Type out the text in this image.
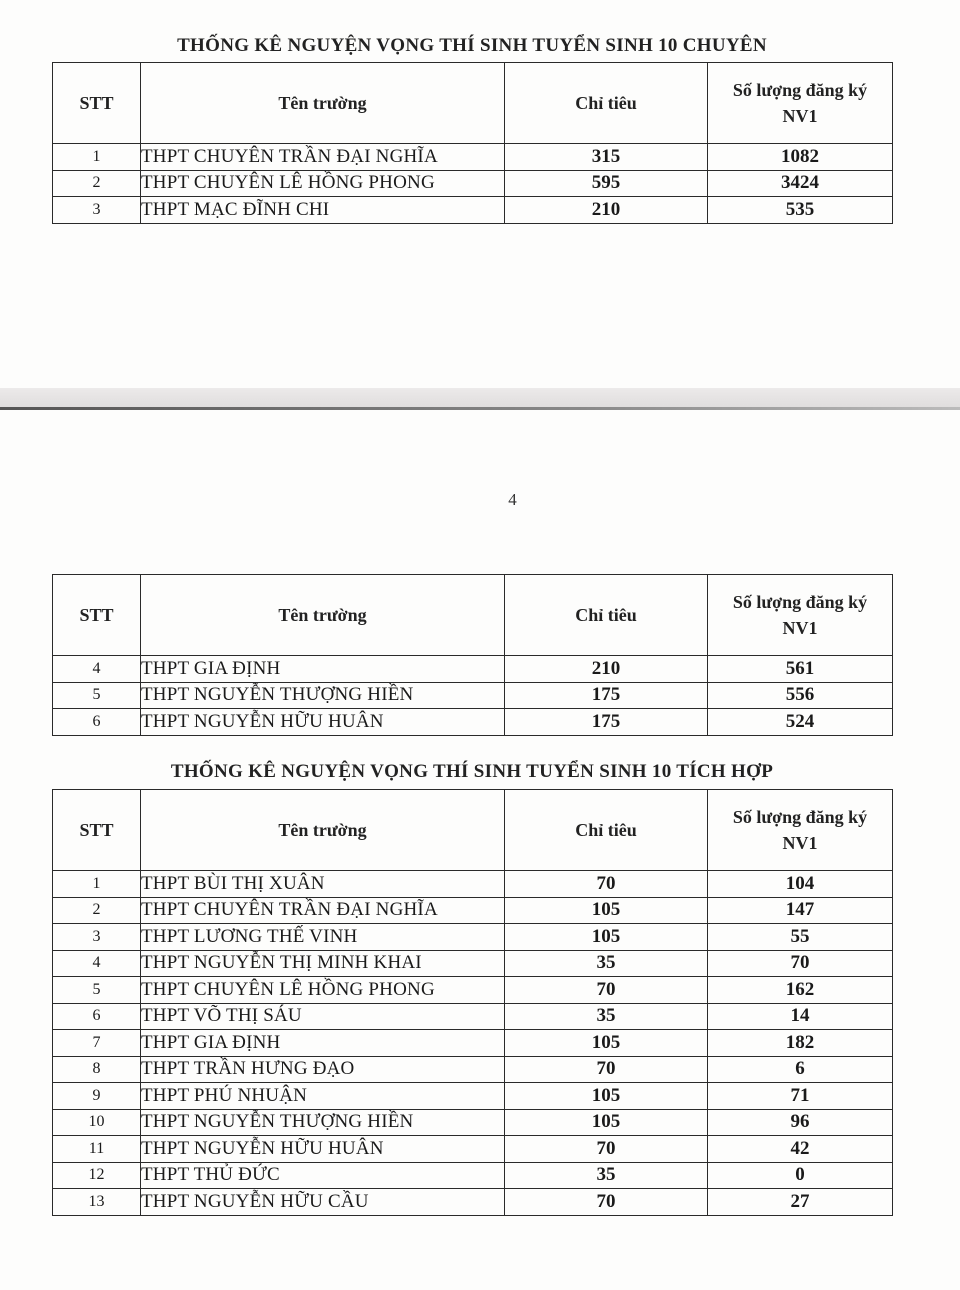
THỐNG KÊ NGUYỆN VỌNG THÍ SINH TUYỂN SINH 10 CHUYÊN
STT	Tên trường	Chỉ tiêu	Số lượng đăng ký
NV1
1	THPT CHUYÊN TRẦN ĐẠI NGHĨA	315	1082
2	THPT CHUYÊN LÊ HỒNG PHONG	595	3424
3	THPT MẠC ĐĨNH CHI	210	535
4
STT	Tên trường	Chỉ tiêu	Số lượng đăng ký
NV1
4	THPT GIA ĐỊNH	210	561
5	THPT NGUYỄN THƯỢNG HIỀN	175	556
6	THPT NGUYỄN HỮU HUÂN	175	524
THỐNG KÊ NGUYỆN VỌNG THÍ SINH TUYỂN SINH 10 TÍCH HỢP
STT	Tên trường	Chỉ tiêu	Số lượng đăng ký
NV1
1	THPT BÙI THỊ XUÂN	70	104
2	THPT CHUYÊN TRẦN ĐẠI NGHĨA	105	147
3	THPT LƯƠNG THẾ VINH	105	55
4	THPT NGUYỄN THỊ MINH KHAI	35	70
5	THPT CHUYÊN LÊ HỒNG PHONG	70	162
6	THPT VÕ THỊ SÁU	35	14
7	THPT GIA ĐỊNH	105	182
8	THPT TRẦN HƯNG ĐẠO	70	6
9	THPT PHÚ NHUẬN	105	71
10	THPT NGUYỄN THƯỢNG HIỀN	105	96
11	THPT NGUYỄN HỮU HUÂN	70	42
12	THPT THỦ ĐỨC	35	0
13	THPT NGUYỄN HỮU CẦU	70	27
